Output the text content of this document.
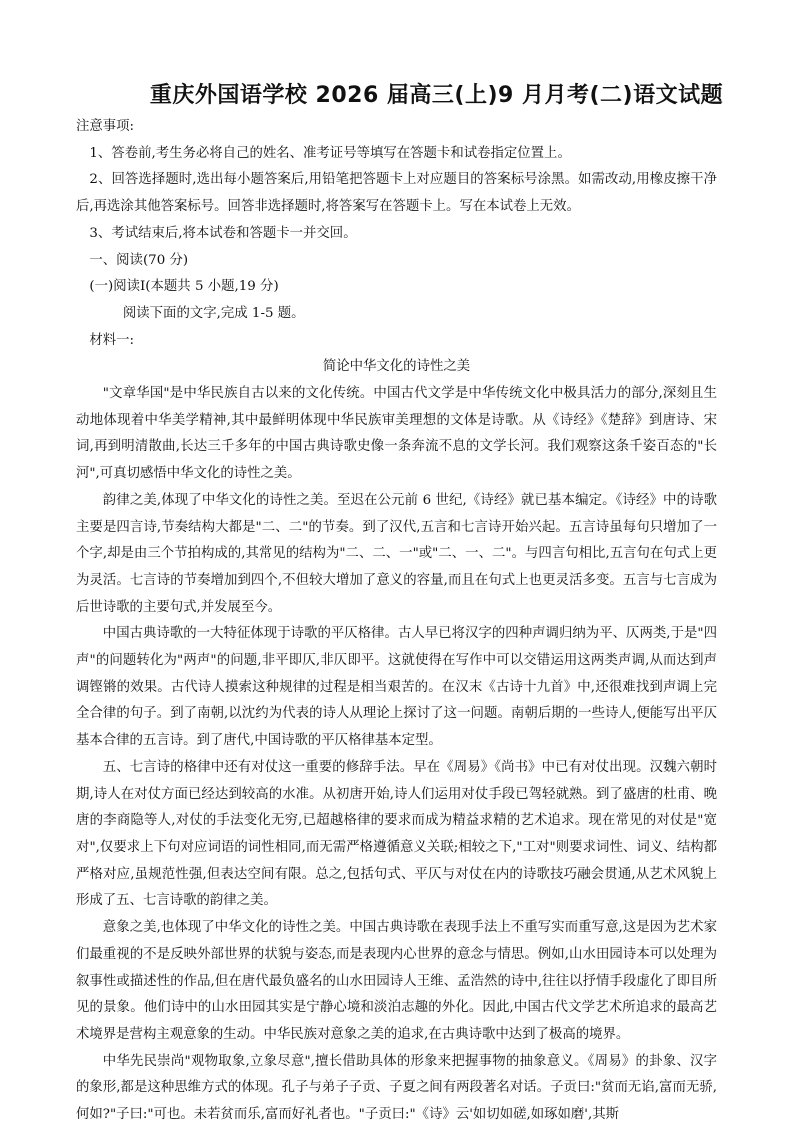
重庆外国语学校 2026 届高三(上)9 月月考(二)语文试题

注意事项:

1、答卷前,考生务必将自己的姓名、准考证号等填写在答题卡和试卷指定位置上。

2、回答选择题时,选出每小题答案后,用铅笔把答题卡上对应题目的答案标号涂黑。如需改动,用橡皮擦干净后,再选涂其他答案标号。回答非选择题时,将答案写在答题卡上。写在本试卷上无效。

3、考试结束后,将本试卷和答题卡一并交回。

一、阅读(70 分)

(一)阅读Ⅰ(本题共 5 小题,19 分)

阅读下面的文字,完成 1-5 题。

材料一:

简论中华文化的诗性之美

"文章华国"是中华民族自古以来的文化传统。中国古代文学是中华传统文化中极具活力的部分,深刻且生动地体现着中华美学精神,其中最鲜明体现中华民族审美理想的文体是诗歌。从《诗经》《楚辞》到唐诗、宋词,再到明清散曲,长达三千多年的中国古典诗歌史像一条奔流不息的文学长河。我们观察这条千姿百态的"长河",可真切感悟中华文化的诗性之美。

韵律之美,体现了中华文化的诗性之美。至迟在公元前 6 世纪,《诗经》就已基本编定。《诗经》中的诗歌主要是四言诗,节奏结构大都是"二、二"的节奏。到了汉代,五言和七言诗开始兴起。五言诗虽每句只增加了一个字,却是由三个节拍构成的,其常见的结构为"二、二、一"或"二、一、二"。与四言句相比,五言句在句式上更为灵活。七言诗的节奏增加到四个,不但较大增加了意义的容量,而且在句式上也更灵活多变。五言与七言成为后世诗歌的主要句式,并发展至今。

中国古典诗歌的一大特征体现于诗歌的平仄格律。古人早已将汉字的四种声调归纳为平、仄两类,于是"四声"的问题转化为"两声"的问题,非平即仄,非仄即平。这就使得在写作中可以交错运用这两类声调,从而达到声调铿锵的效果。古代诗人摸索这种规律的过程是相当艰苦的。在汉末《古诗十九首》中,还很难找到声调上完全合律的句子。到了南朝,以沈约为代表的诗人从理论上探讨了这一问题。南朝后期的一些诗人,便能写出平仄基本合律的五言诗。到了唐代,中国诗歌的平仄格律基本定型。

五、七言诗的格律中还有对仗这一重要的修辞手法。早在《周易》《尚书》中已有对仗出现。汉魏六朝时期,诗人在对仗方面已经达到较高的水准。从初唐开始,诗人们运用对仗手段已驾轻就熟。到了盛唐的杜甫、晚唐的李商隐等人,对仗的手法变化无穷,已超越格律的要求而成为精益求精的艺术追求。现在常见的对仗是"宽对",仅要求上下句对应词语的词性相同,而无需严格遵循意义关联;相较之下,"工对"则要求词性、词义、结构都严格对应,虽规范性强,但表达空间有限。总之,包括句式、平仄与对仗在内的诗歌技巧融会贯通,从艺术风貌上形成了五、七言诗歌的韵律之美。

意象之美,也体现了中华文化的诗性之美。中国古典诗歌在表现手法上不重写实而重写意,这是因为艺术家们最重视的不是反映外部世界的状貌与姿态,而是表现内心世界的意念与情思。例如,山水田园诗本可以处理为叙事性或描述性的作品,但在唐代最负盛名的山水田园诗人王维、孟浩然的诗中,往往以抒情手段虚化了即目所见的景象。他们诗中的山水田园其实是宁静心境和淡泊志趣的外化。因此,中国古代文学艺术所追求的最高艺术境界是营构主观意象的生动。中华民族对意象之美的追求,在古典诗歌中达到了极高的境界。

中华先民崇尚"观物取象,立象尽意",擅长借助具体的形象来把握事物的抽象意义。《周易》的卦象、汉字的象形,都是这种思维方式的体现。孔子与弟子子贡、子夏之间有两段著名对话。子贡曰:"贫而无谄,富而无骄,何如?"子曰:"可也。未若贫而乐,富而好礼者也。"子贡曰:"《诗》云'如切如磋,如琢如磨',其斯
